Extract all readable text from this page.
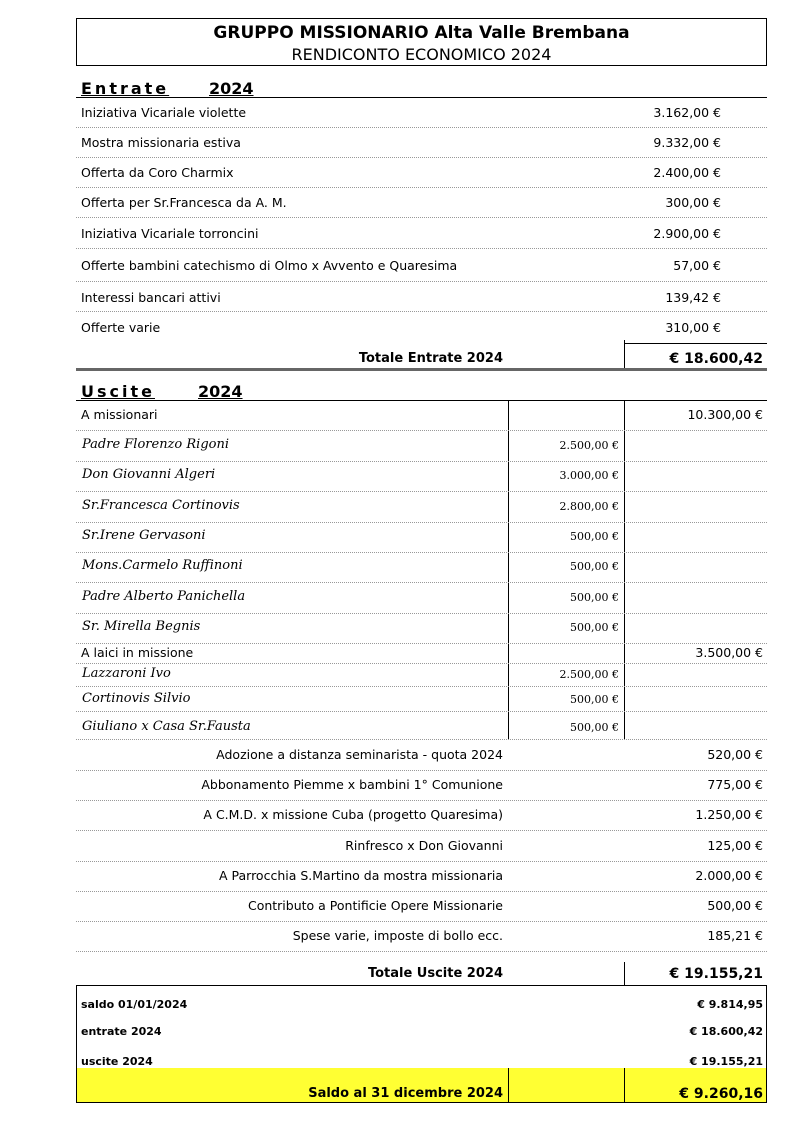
GRUPPO MISSIONARIO Alta Valle Brembana
RENDICONTO ECONOMICO 2024
Entrate 2024
Iniziativa Vicariale violette	3.162,00 €
Mostra missionaria estiva	9.332,00 €
Offerta da Coro Charmix	2.400,00 €
Offerta per Sr.Francesca da A. M.	300,00 €
Iniziativa Vicariale torroncini	2.900,00 €
Offerte bambini catechismo di Olmo x Avvento e Quaresima	57,00 €
Interessi bancari attivi	139,42 €
Offerte varie	310,00 €
Totale Entrate 2024	€ 18.600,42
Uscite	2024
A missionari	10.300,00 €
Padre Florenzo Rigoni	2.500,00 €
Don Giovanni Algeri	3.000,00 €
Sr.Francesca Cortinovis	2.800,00 €
Sr.Irene Gervasoni	500,00 €
Mons.Carmelo Ruffinoni	500,00 €
Padre Alberto Panichella	500,00 €
Sr. Mirella Begnis	500,00 €
A laici in missione	3.500,00 €
Lazzaroni Ivo	2.500,00 €
Cortinovis Silvio	500,00 €
Giuliano x Casa Sr.Fausta	500,00 €
Adozione a distanza seminarista - quota 2024	520,00 €
Abbonamento Piemme x bambini 1° Comunione	775,00 €
A C.M.D. x missione Cuba (progetto Quaresima)	1.250,00 €
Rinfresco x Don Giovanni	125,00 €
A Parrocchia S.Martino da mostra missionaria	2.000,00 €
Contributo a Pontificie Opere Missionarie	500,00 €
Spese varie, imposte di bollo ecc.	185,21 €
Totale Uscite 2024	€ 19.155,21
saldo 01/01/2024	€ 9.814,95
entrate 2024	€ 18.600,42
uscite 2024	€ 19.155,21
Saldo al 31 dicembre 2024	€ 9.260,16
